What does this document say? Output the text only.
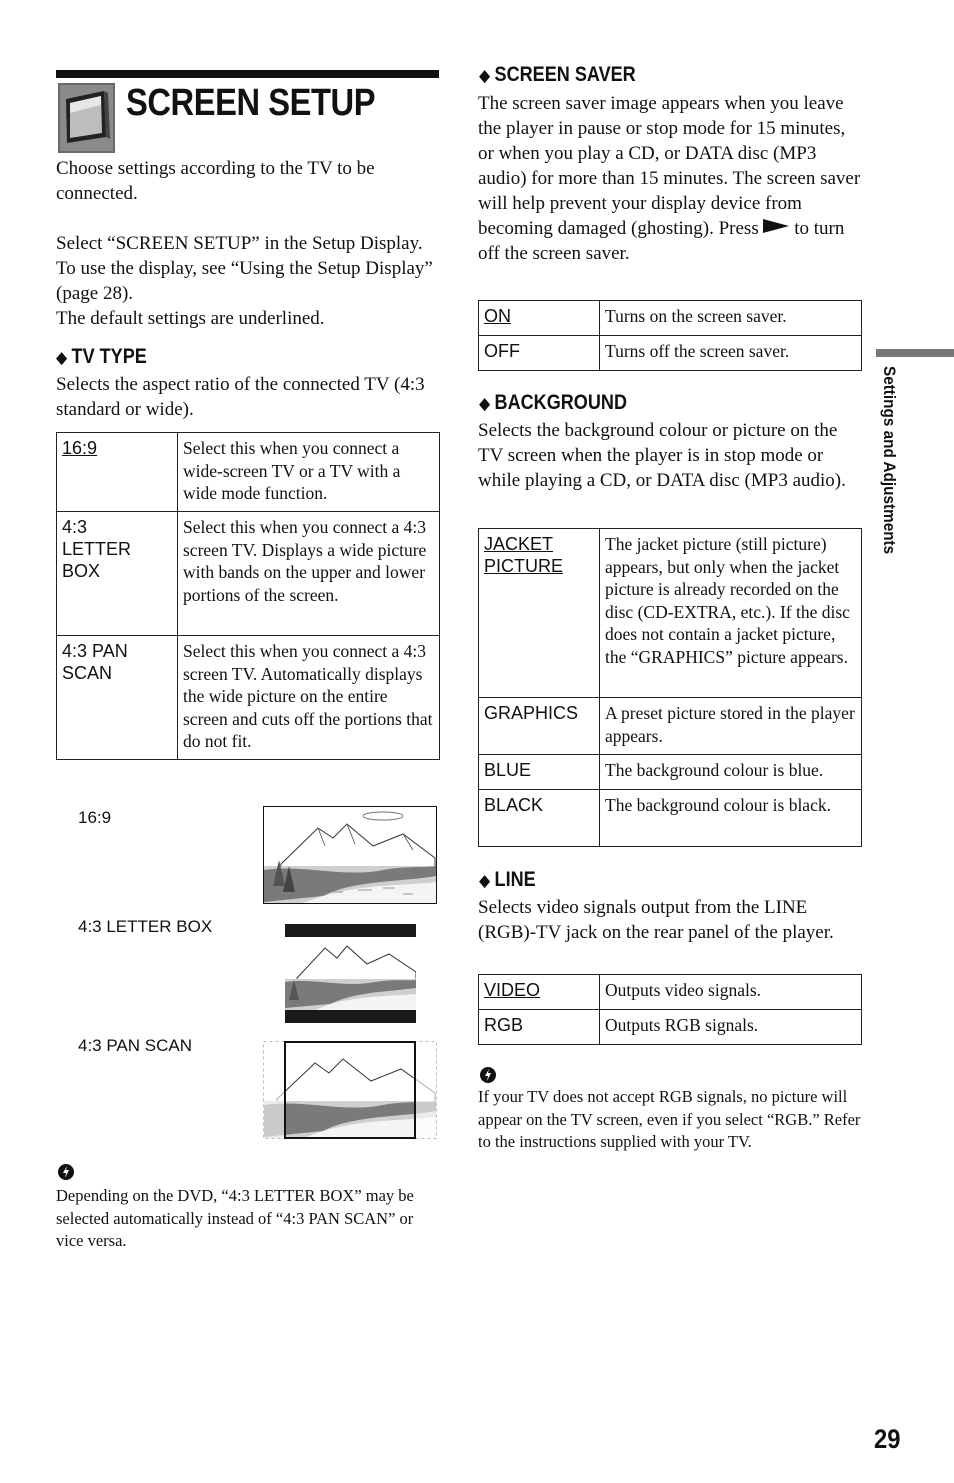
SCREEN SETUP
Choose settings according to the TV to be connected.
Select “SCREEN SETUP” in the Setup Display. To use the display, see “Using the Setup Display” (page 28).
The default settings are underlined.
◆ TV TYPE
Selects the aspect ratio of the connected TV (4:3 standard or wide).
16:9	Select this when you connect a wide-screen TV or a TV with a wide mode function.

4:3 LETTER BOX	Select this when you connect a 4:3 screen TV. Displays a wide picture with bands on the upper and lower portions of the screen.

4:3 PAN SCAN	Select this when you connect a 4:3 screen TV. Automatically displays the wide picture on the entire screen and cuts off the portions that do not fit.
16:9
4:3 LETTER BOX
4:3 PAN SCAN
Depending on the DVD, “4:3 LETTER BOX” may be selected automatically instead of “4:3 PAN SCAN” or vice versa.
◆ SCREEN SAVER
The screen saver image appears when you leave the player in pause or stop mode for 15 minutes, or when you play a CD, or DATA disc (MP3 audio) for more than 15 minutes. The screen saver will help prevent your display device from becoming damaged (ghosting). Press to turn off the screen saver.
ON	Turns on the screen saver.
OFF	Turns off the screen saver.
◆ BACKGROUND
Selects the background colour or picture on the TV screen when the player is in stop mode or while playing a CD, or DATA disc (MP3 audio).
JACKET PICTURE	The jacket picture (still picture) appears, but only when the jacket picture is already recorded on the disc (CD-EXTRA, etc.). If the disc does not contain a jacket picture, the “GRAPHICS” picture appears.
GRAPHICS	A preset picture stored in the player appears.
BLUE	The background colour is blue.
BLACK	The background colour is black.
◆ LINE
Selects video signals output from the LINE (RGB)-TV jack on the rear panel of the player.
VIDEO	Outputs video signals.
RGB	Outputs RGB signals.
If your TV does not accept RGB signals, no picture will appear on the TV screen, even if you select “RGB.” Refer to the instructions supplied with your TV.
Settings and Adjustments
29
